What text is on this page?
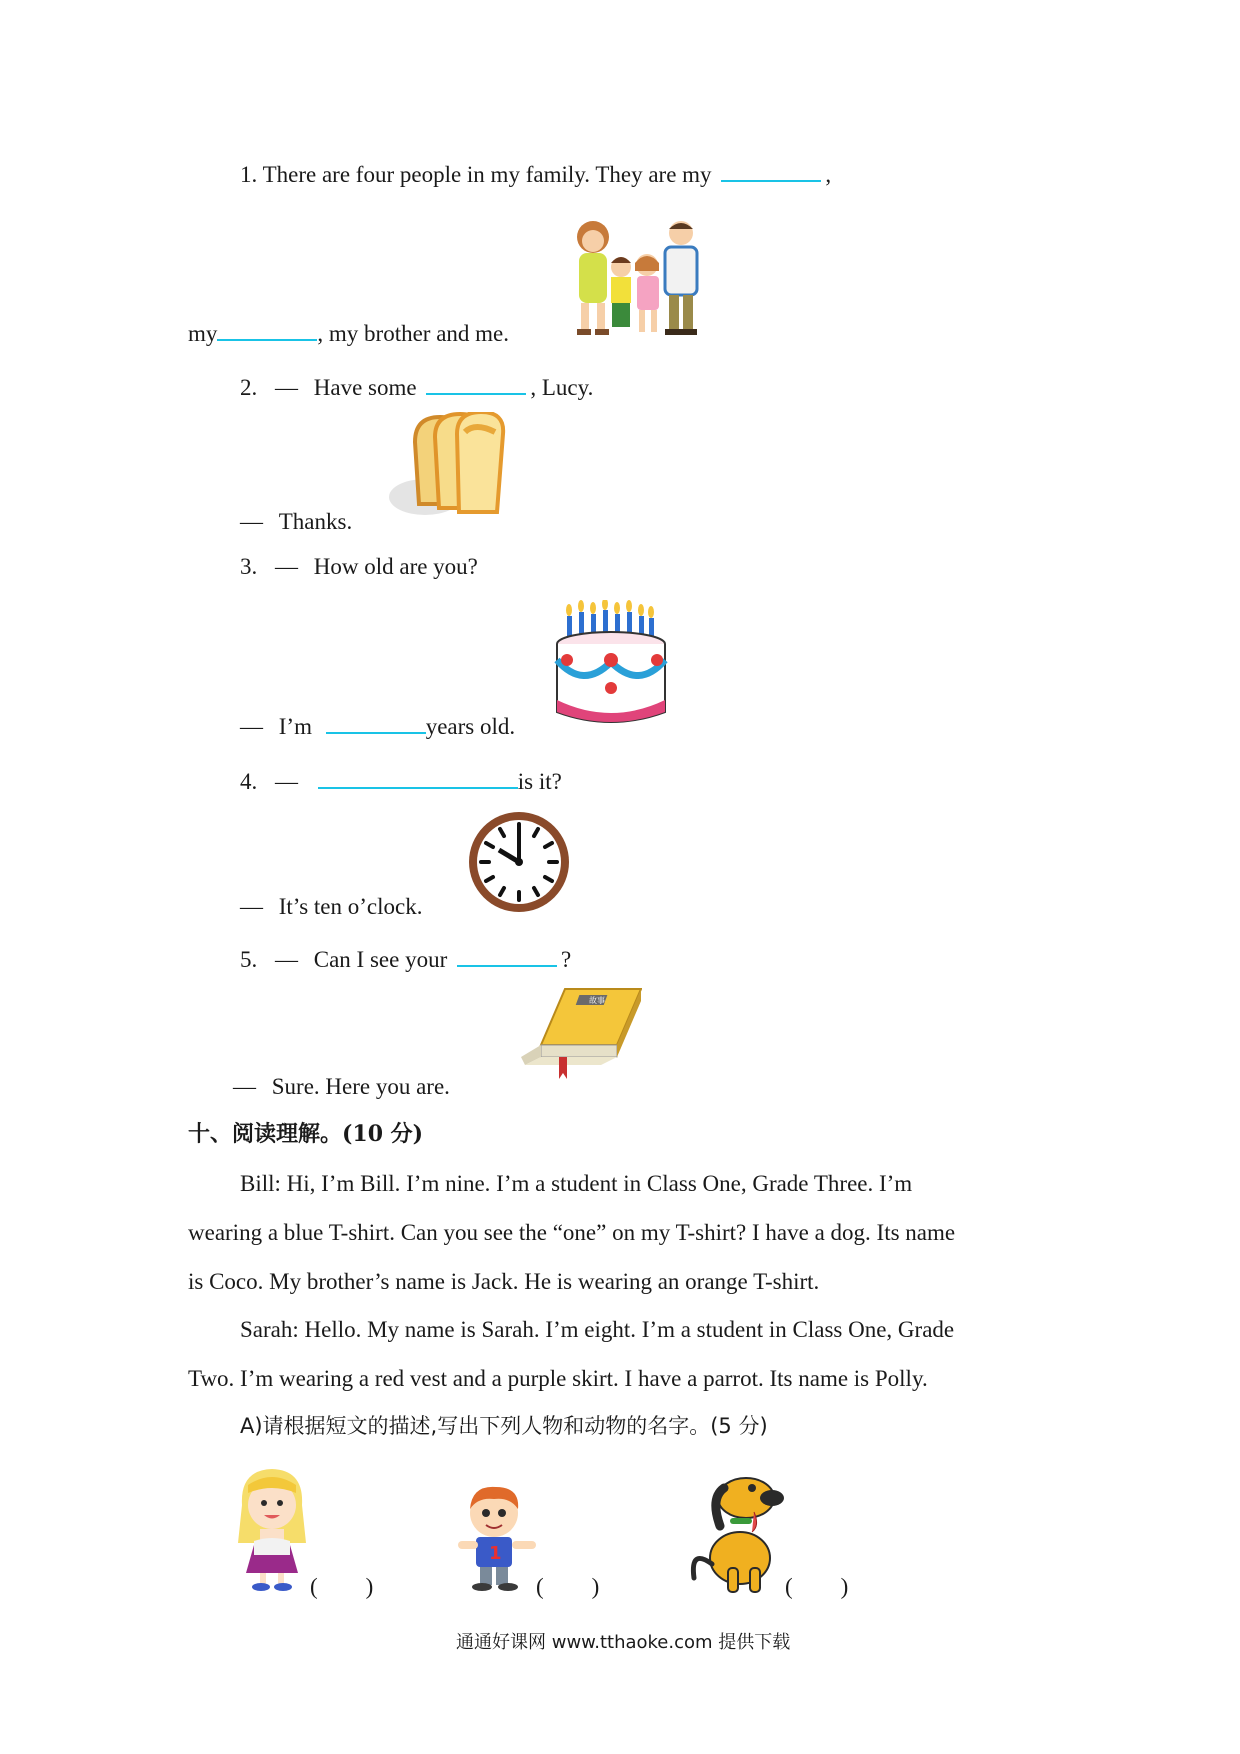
1. There are four people in my family. They are my	,
my	, my brother and me.
2. — Have some	, Lucy.
— Thanks.
3. — How old are you?
— I’m	years old.
4. —	is it?
— It’s ten o’clock.
5. — Can I see your	?
故事
— Sure. Here you are.
十、阅读理解。(10 分)
Bill: Hi, I’m Bill. I’m nine. I’m a student in Class One, Grade Three. I’m
wearing a blue T-shirt. Can you see the “one” on my T-shirt? I have a dog. Its name
is Coco. My brother’s name is Jack. He is wearing an orange T-shirt.
Sarah: Hello. My name is Sarah. I’m eight. I’m a student in Class One, Grade
Two. I’m wearing a red vest and a purple skirt. I have a parrot. Its name is Polly.
A)请根据短文的描述,写出下列人物和动物的名字。(5 分)
( )
1
( )	( )
通通好课网 www.tthaoke.com 提供下载
